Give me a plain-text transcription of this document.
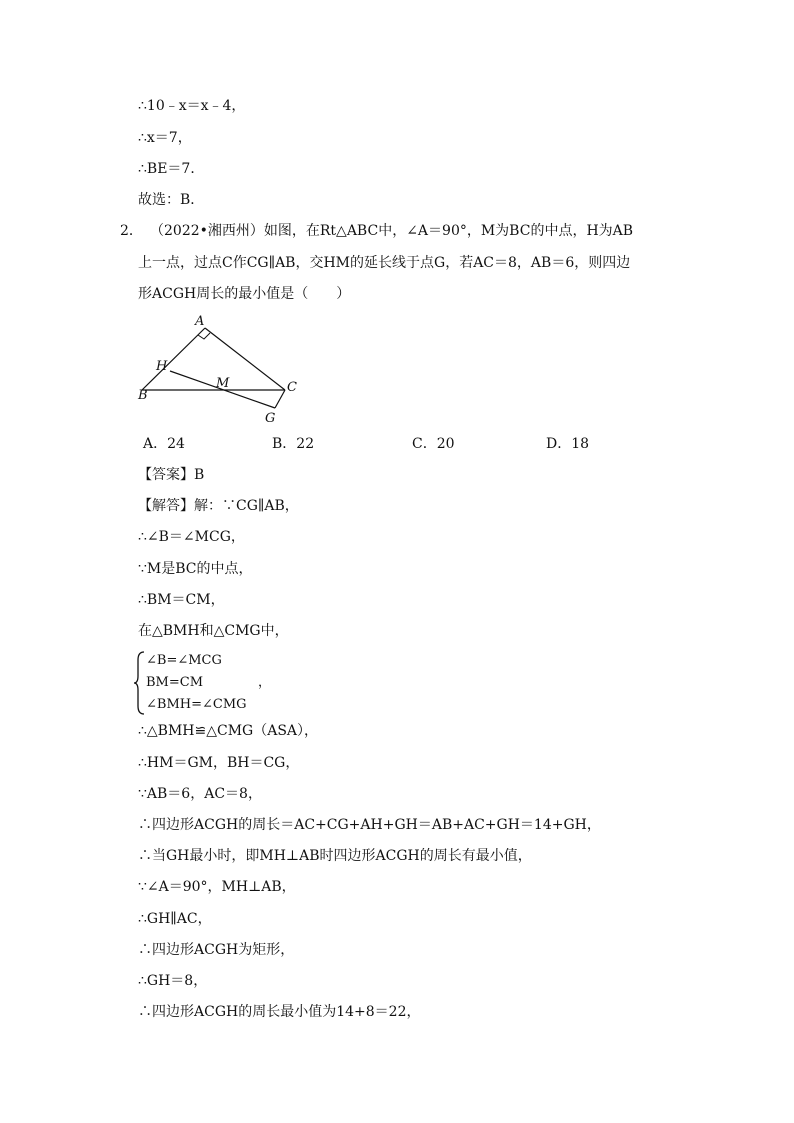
∴10﹣x＝x﹣4，
∴x＝7，
∴BE＝7．
故选：B．
2． （2022•湘西州）如图，在Rt△ABC中，∠A＝90°，M为BC的中点，H为AB
上一点，过点C作CG∥AB，交HM的延长线于点G，若AC＝8，AB＝6，则四边
形ACGH周长的最小值是（　　）
A
H
M	C
B
G
A．24	B．22	C．20	D．18
【答案】B
【解答】解：∵CG∥AB，
∴∠B＝∠MCG，
∵M是BC的中点，
∴BM＝CM，
在△BMH和△CMG中，
∠B=∠MCG
BM=CM
∠BMH=∠CMG
，
∴△BMH≌△CMG（ASA），
∴HM＝GM，BH＝CG，
∵AB＝6，AC＝8，
∴四边形ACGH的周长＝AC+CG+AH+GH＝AB+AC+GH＝14+GH，
∴当GH最小时，即MH⊥AB时四边形ACGH的周长有最小值，
∵∠A＝90°，MH⊥AB，
∴GH∥AC，
∴四边形ACGH为矩形，
∴GH＝8，
∴四边形ACGH的周长最小值为14+8＝22，
